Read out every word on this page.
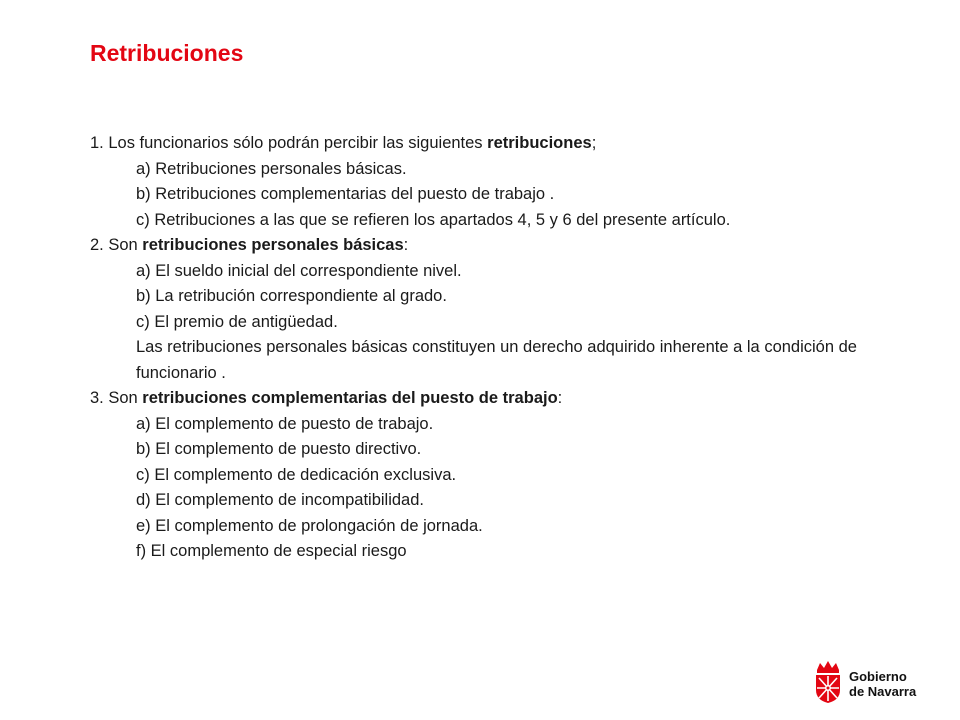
Retribuciones
1. Los funcionarios sólo podrán percibir las siguientes retribuciones;
a) Retribuciones personales básicas.
b) Retribuciones complementarias del puesto de trabajo .
c) Retribuciones a las que se refieren los apartados 4, 5 y 6 del presente artículo.
2. Son retribuciones personales básicas:
a) El sueldo inicial del correspondiente nivel.
b) La retribución correspondiente al grado.
c) El premio de antigüedad.
Las retribuciones personales básicas constituyen un derecho adquirido inherente a la condición de funcionario .
3. Son retribuciones complementarias del puesto de trabajo:
a) El complemento de puesto de trabajo.
b) El complemento de puesto directivo.
c) El complemento de dedicación exclusiva.
d) El complemento de incompatibilidad.
e) El complemento de prolongación de jornada.
f) El complemento de especial riesgo
Gobierno
de Navarra
